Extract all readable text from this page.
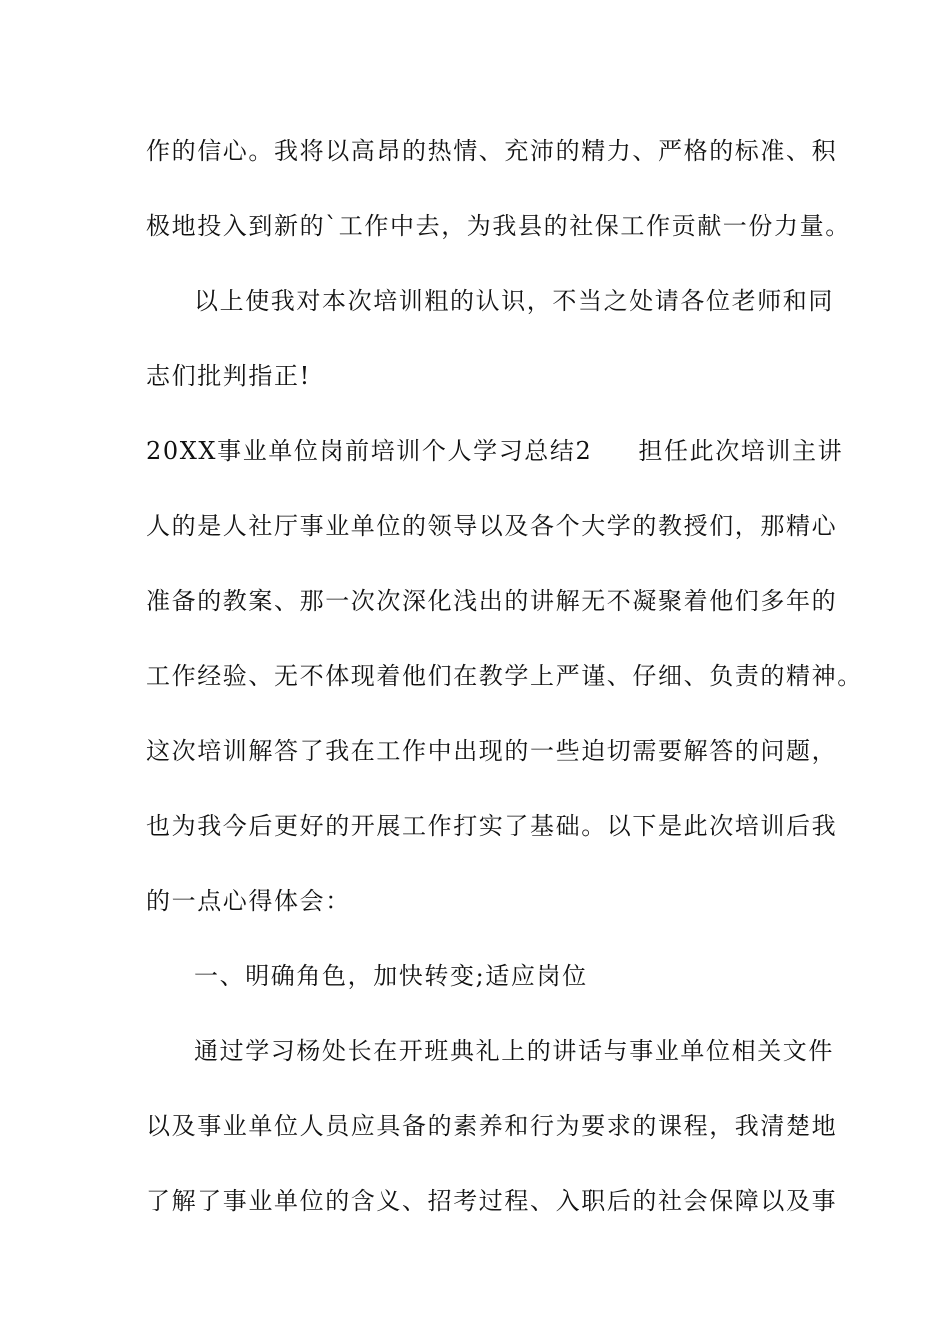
作的信心。我将以高昂的热情、充沛的精力、严格的标准、积
极地投入到新的`工作中去，为我县的社保工作贡献一份力量。
以上使我对本次培训粗的认识，不当之处请各位老师和同
志们批判指正!
20XX事业单位岗前培训个人学习总结2 担任此次培训主讲
人的是人社厅事业单位的领导以及各个大学的教授们，那精心
准备的教案、那一次次深化浅出的讲解无不凝聚着他们多年的
工作经验、无不体现着他们在教学上严谨、仔细、负责的精神。
这次培训解答了我在工作中出现的一些迫切需要解答的问题，
也为我今后更好的开展工作打实了基础。以下是此次培训后我
的一点心得体会：
一、明确角色，加快转变;适应岗位
通过学习杨处长在开班典礼上的讲话与事业单位相关文件
以及事业单位人员应具备的素养和行为要求的课程，我清楚地
了解了事业单位的含义、招考过程、入职后的社会保障以及事
